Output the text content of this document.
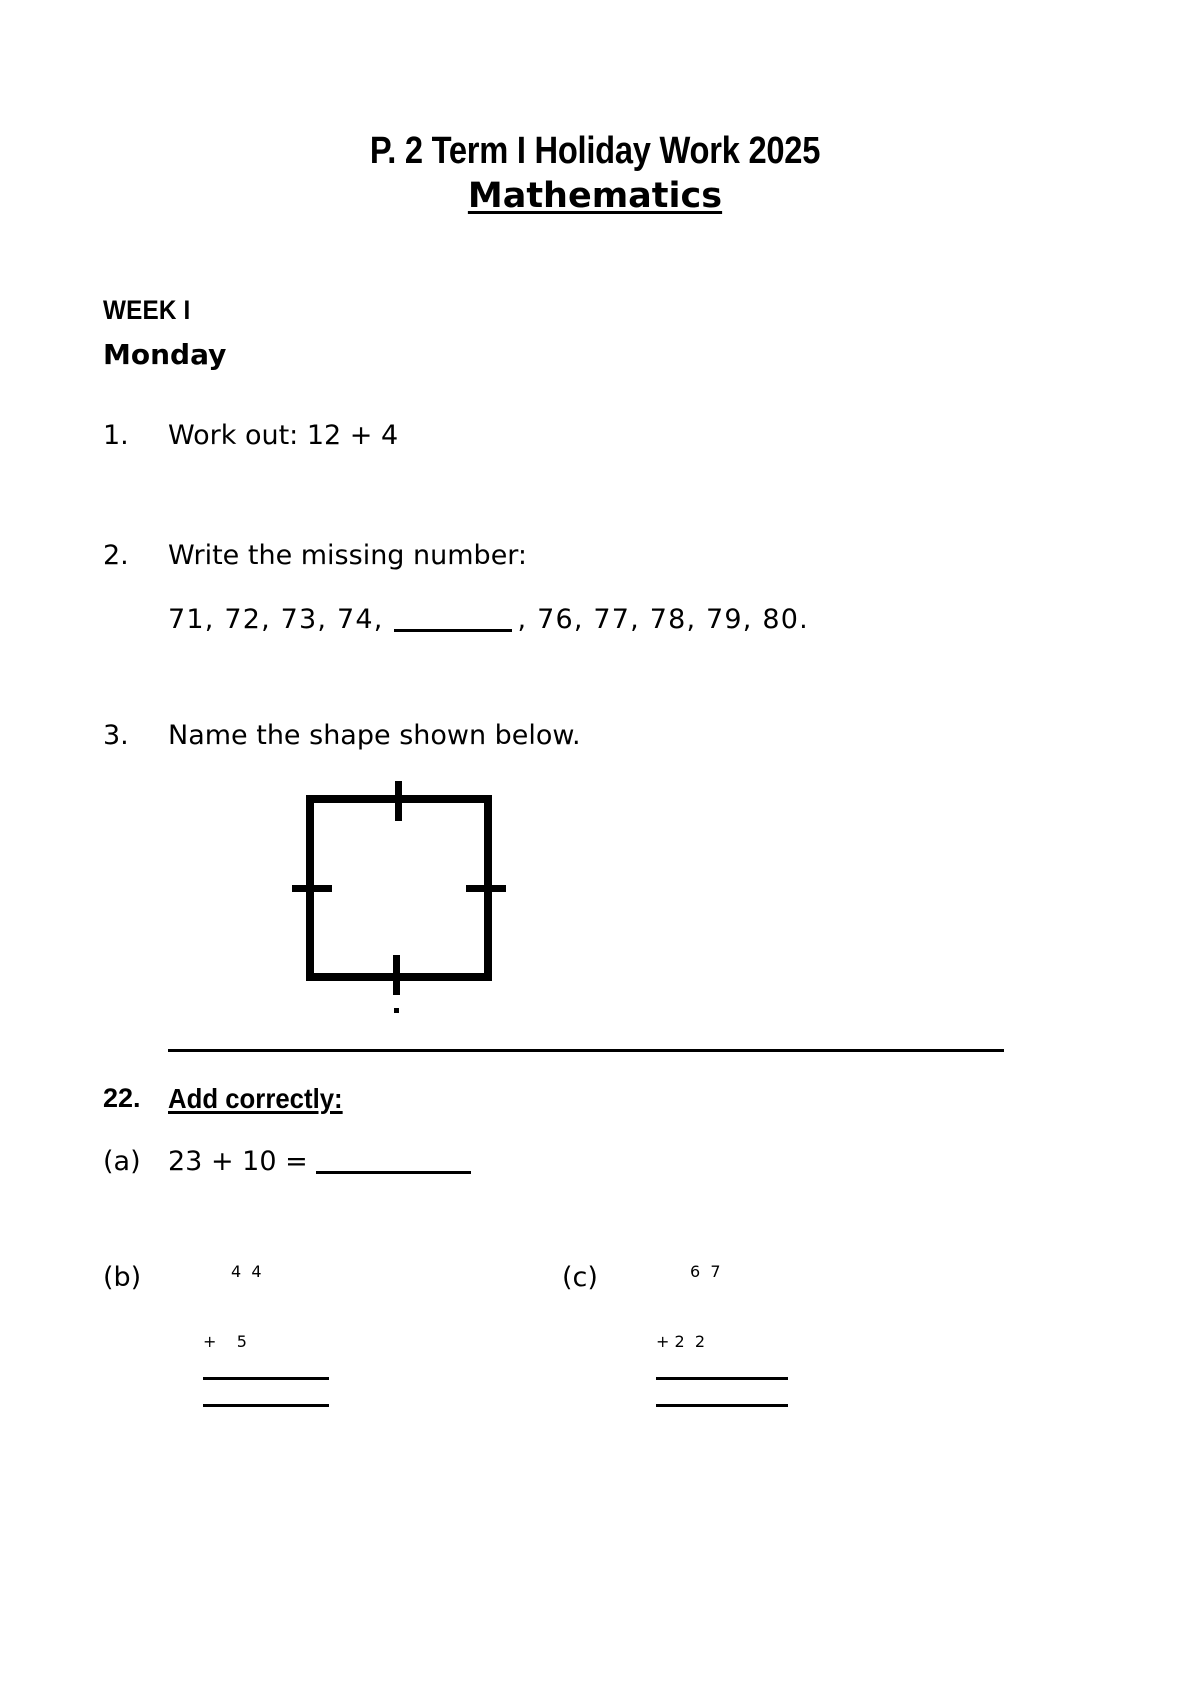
P. 2 Term I Holiday Work 2025
Mathematics
WEEK I
Monday
1. Work out: 12 + 4
2. Write the missing number:
71, 72, 73, 74,	, 76, 77, 78, 79, 80.
3. Name the shape shown below.
22. Add correctly:
(a) 23 + 10 =
(b)	4  4
+    5
(c)	6  7
+ 2  2
